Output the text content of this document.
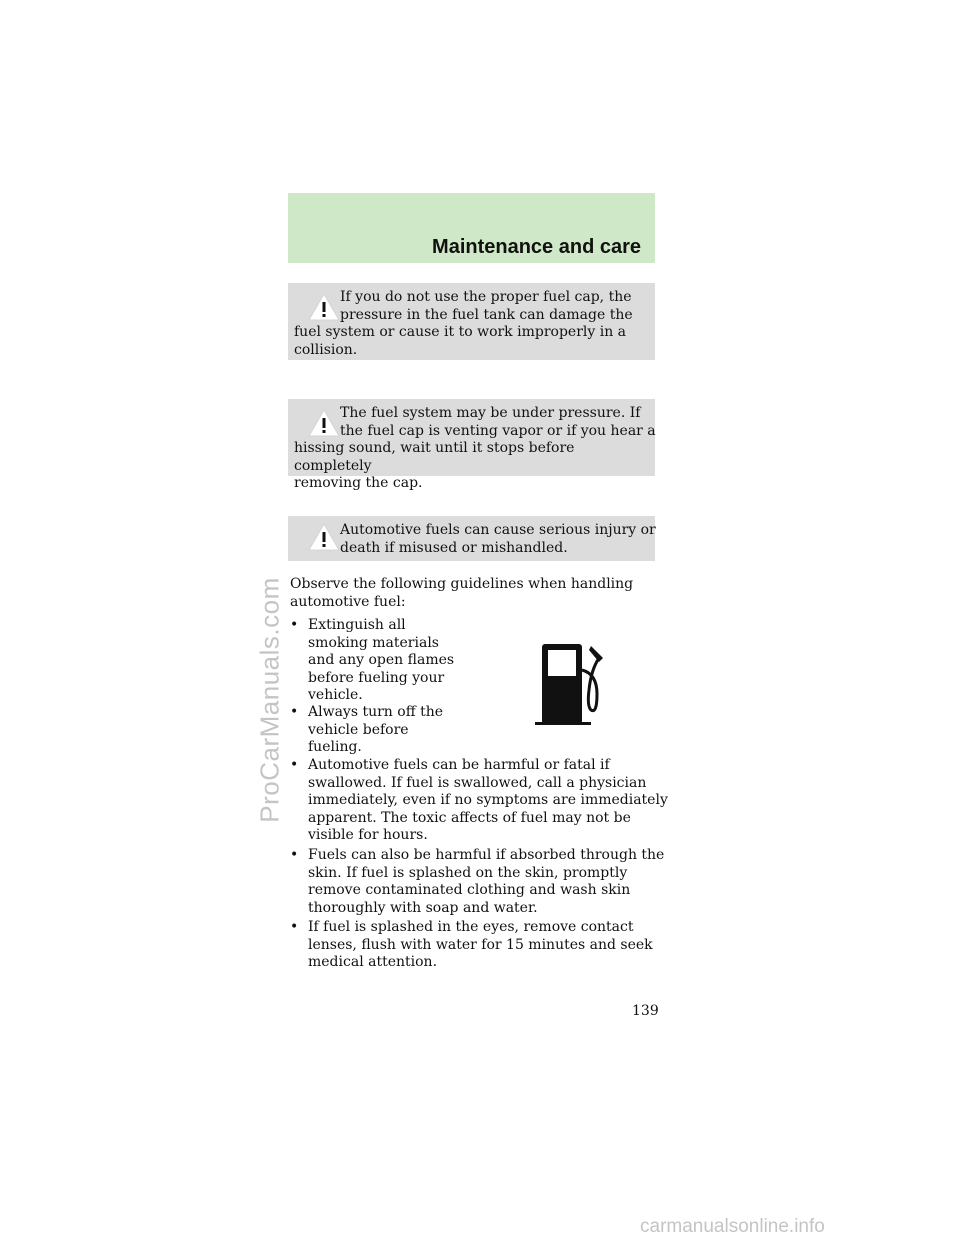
Maintenance and care
If you do not use the proper fuel cap, the
pressure in the fuel tank can damage the
fuel system or cause it to work improperly in a
collision.
The fuel system may be under pressure. If
the fuel cap is venting vapor or if you hear a
hissing sound, wait until it stops before completely
removing the cap.
Automotive fuels can cause serious injury or
death if misused or mishandled.
Observe the following guidelines when handling
automotive fuel:
• Extinguish all
smoking materials
and any open flames
before fueling your
vehicle.
• Always turn off the
vehicle before
fueling.
• Automotive fuels can be harmful or fatal if
swallowed. If fuel is swallowed, call a physician
immediately, even if no symptoms are immediately
apparent. The toxic affects of fuel may not be
visible for hours.
• Fuels can also be harmful if absorbed through the
skin. If fuel is splashed on the skin, promptly
remove contaminated clothing and wash skin
thoroughly with soap and water.
• If fuel is splashed in the eyes, remove contact
lenses, flush with water for 15 minutes and seek
medical attention.
139
ProCarManuals.com
carmanualsonline.info
